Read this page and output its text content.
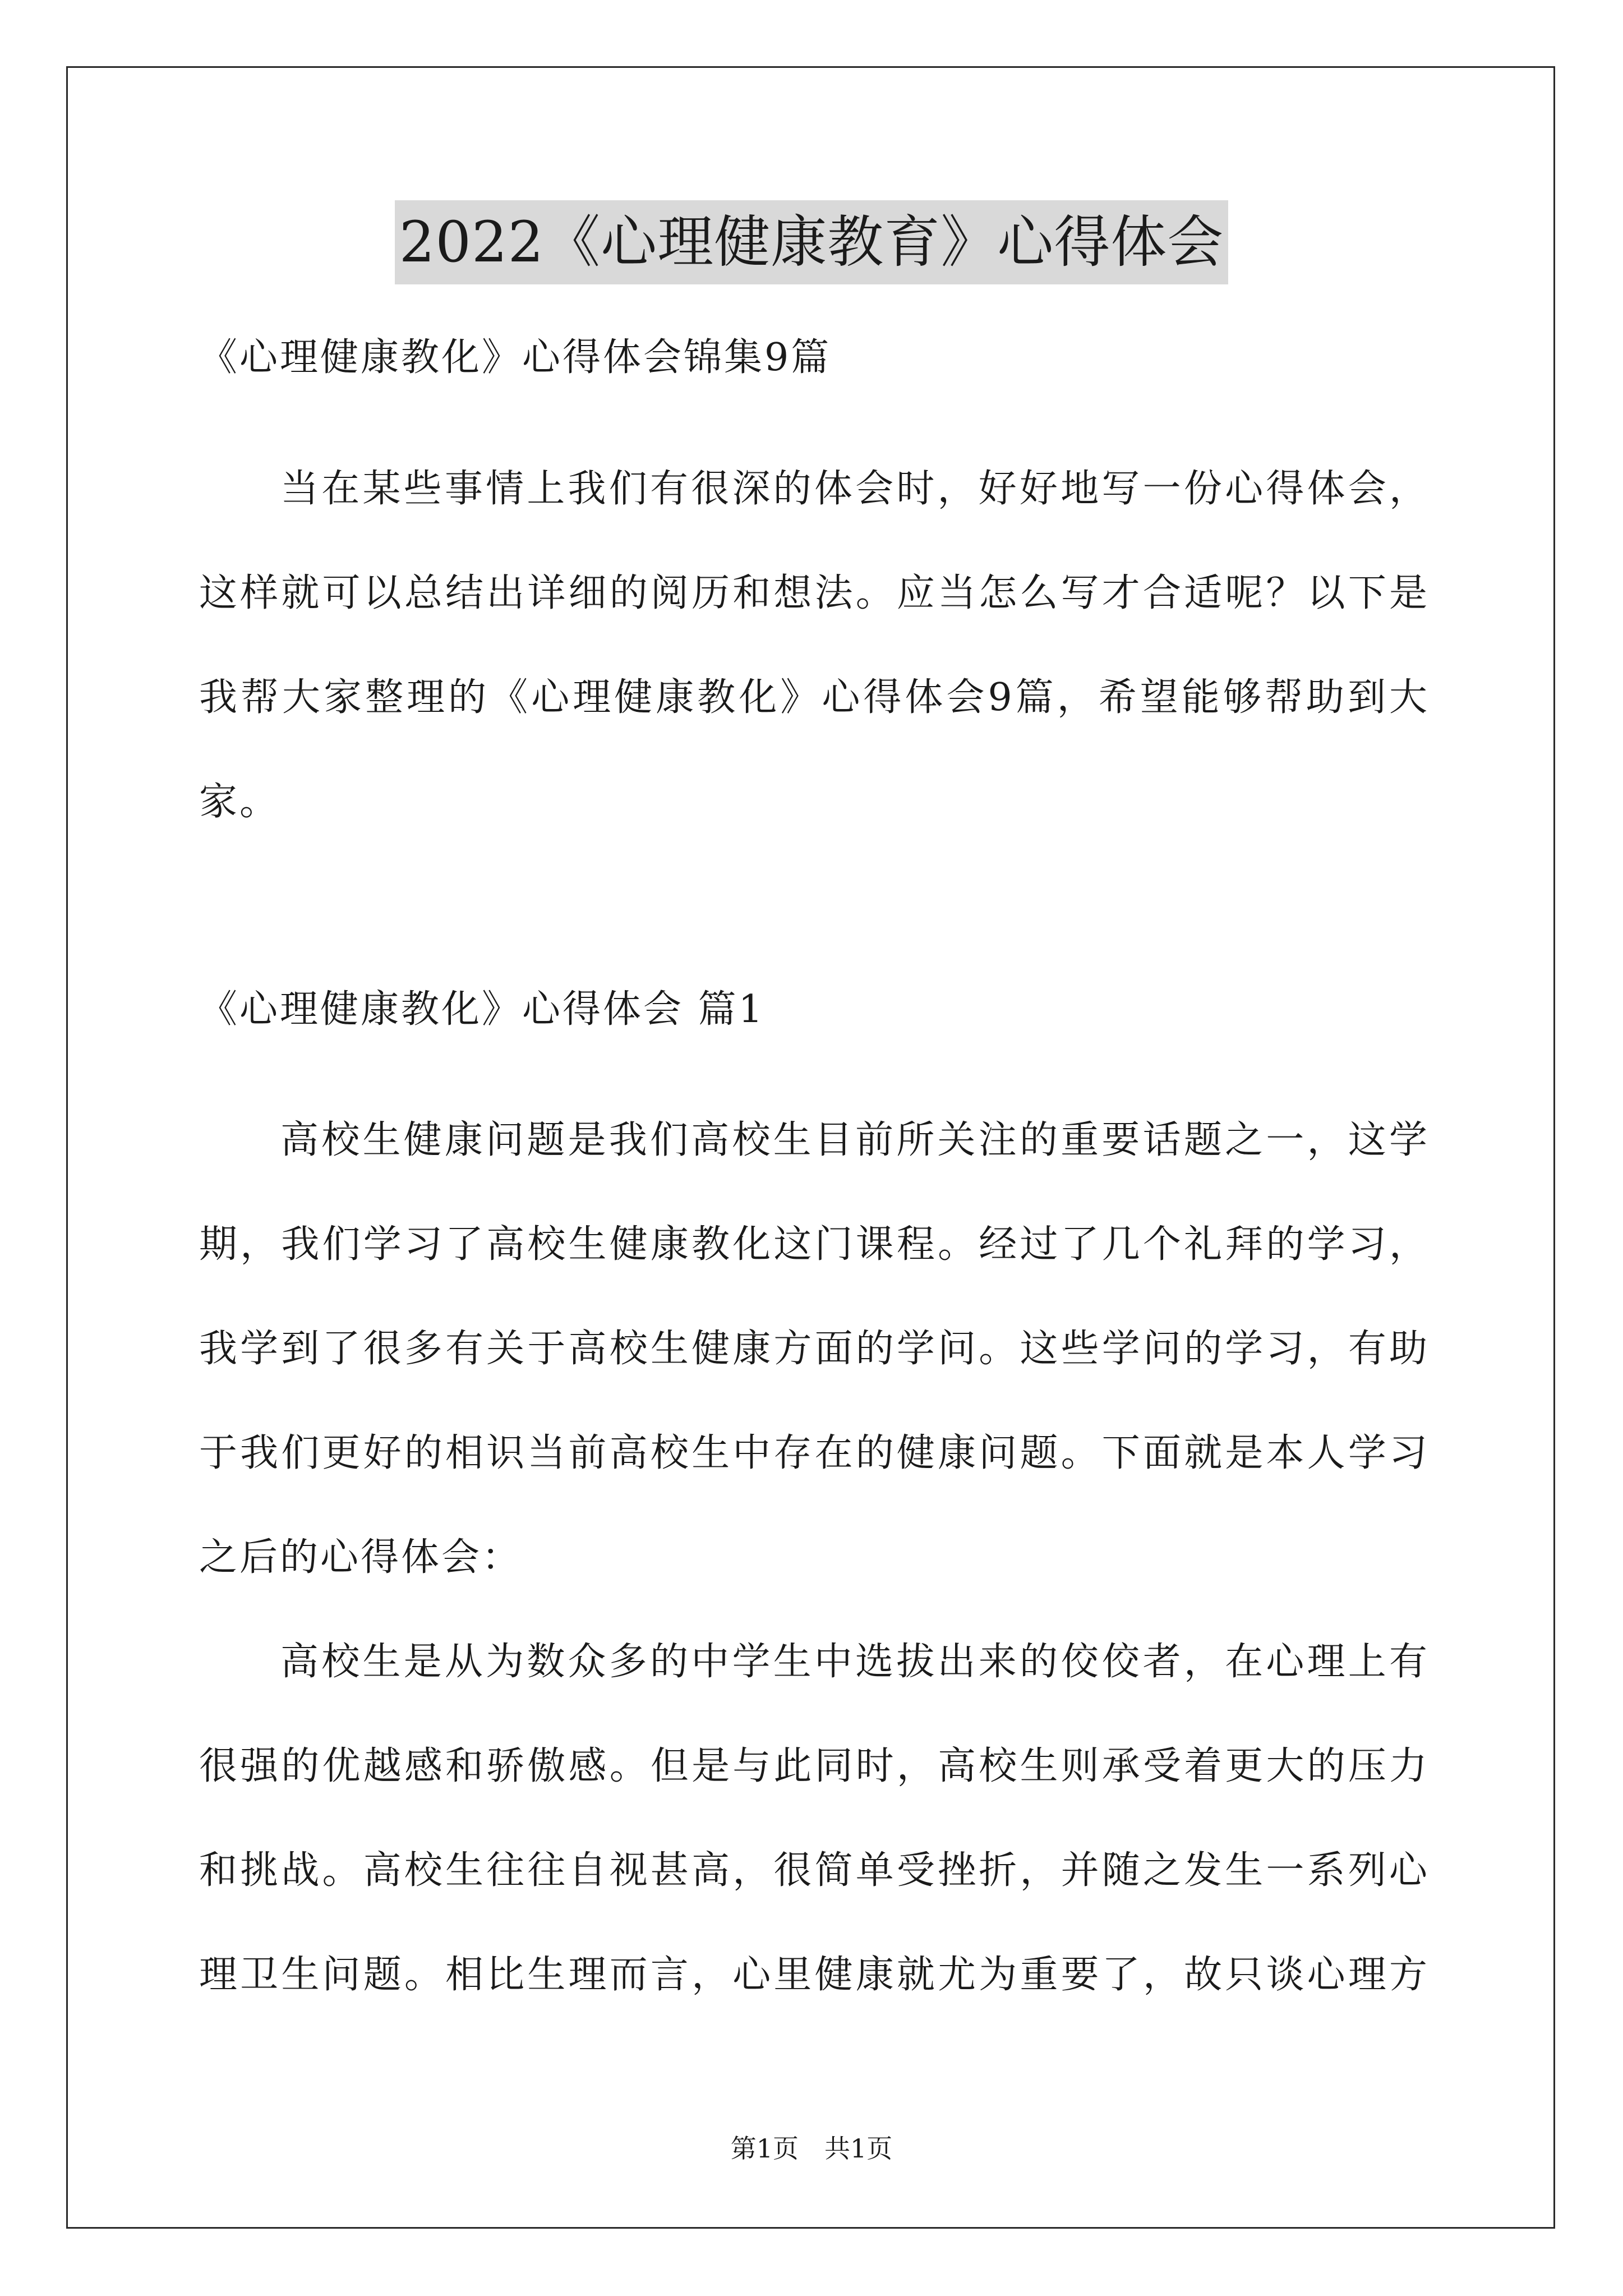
2022《心理健康教育》心得体会
《心理健康教化》心得体会锦集9篇
当在某些事情上我们有很深的体会时，好好地写一份心得体会，
这样就可以总结出详细的阅历和想法。应当怎么写才合适呢？以下是
我帮大家整理的《心理健康教化》心得体会9篇，希望能够帮助到大
家。
《心理健康教化》心得体会 篇1
高校生健康问题是我们高校生目前所关注的重要话题之一，这学
期，我们学习了高校生健康教化这门课程。经过了几个礼拜的学习，
我学到了很多有关于高校生健康方面的学问。这些学问的学习，有助
于我们更好的相识当前高校生中存在的健康问题。下面就是本人学习
之后的心得体会：
高校生是从为数众多的中学生中选拔出来的佼佼者，在心理上有
很强的优越感和骄傲感。但是与此同时，高校生则承受着更大的压力
和挑战。高校生往往自视甚高，很简单受挫折，并随之发生一系列心
理卫生问题。相比生理而言，心里健康就尤为重要了，故只谈心理方
第1页　共1页
